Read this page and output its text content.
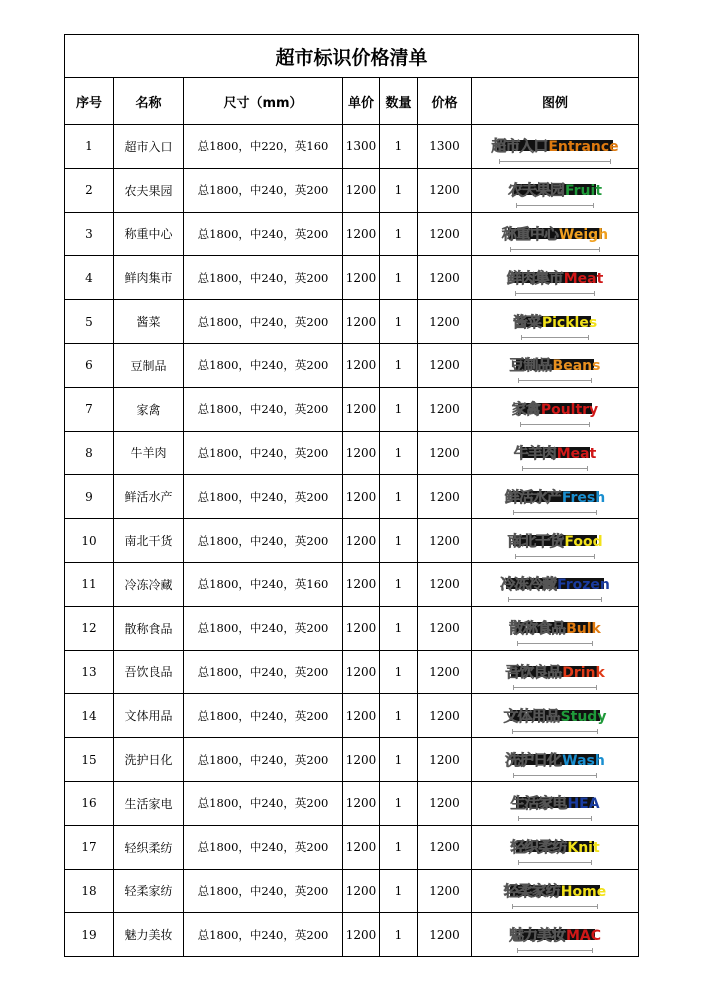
超市标识价格清单						
序号	名称	尺寸（mm）	单价	数量	价格	图例
1	超市入口	总1800，中220，英160	1300	1	1300	超市入口Entrance

2	农夫果园	总1800，中240，英200	1200	1	1200	农夫果园Fruit

3	称重中心	总1800，中240，英200	1200	1	1200	称重中心Weigh

4	鲜肉集市	总1800，中240，英200	1200	1	1200	鲜肉集市Meat

5	酱菜	总1800，中240，英200	1200	1	1200	酱菜Pickles

6	豆制品	总1800，中240，英200	1200	1	1200	豆制品Beans

7	家禽	总1800，中240，英200	1200	1	1200	家禽Poultry

8	牛羊肉	总1800，中240，英200	1200	1	1200	牛羊肉Meat

9	鲜活水产	总1800，中240，英200	1200	1	1200	鲜活水产Fresh

10	南北干货	总1800，中240，英200	1200	1	1200	南北干货Food

11	冷冻冷藏	总1800，中240，英160	1200	1	1200	冷冻冷藏Frozen

12	散称食品	总1800，中240，英200	1200	1	1200	散称食品Bulk

13	吾饮良品	总1800，中240，英200	1200	1	1200	吾饮良品Drink

14	文体用品	总1800，中240，英200	1200	1	1200	文体用品Study

15	洗护日化	总1800，中240，英200	1200	1	1200	洗护日化Wash

16	生活家电	总1800，中240，英200	1200	1	1200	生活家电HEA

17	轻织柔纺	总1800，中240，英200	1200	1	1200	轻织柔纺Knit

18	轻柔家纺	总1800，中240，英200	1200	1	1200	轻柔家纺Home

19	魅力美妆	总1800，中240，英200	1200	1	1200	魅力美妆MAC
